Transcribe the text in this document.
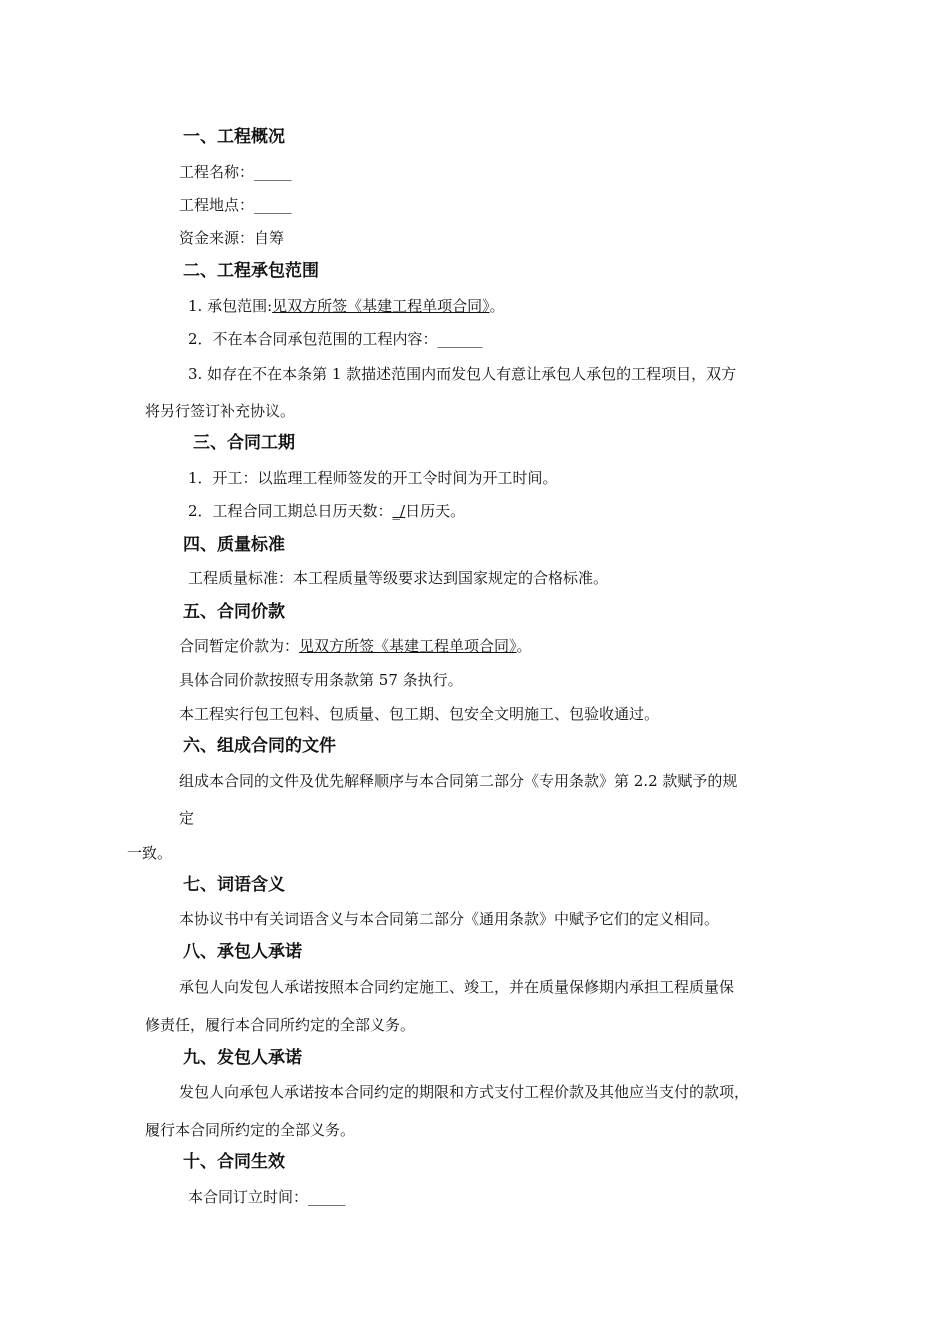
一、工程概况
工程名称：_____
工程地点：_____
资金来源：自筹
二、工程承包范围
1. 承包范围:见双方所签《基建工程单项合同》。
2．不在本合同承包范围的工程内容：______
3. 如存在不在本条第 1 款描述范围内而发包人有意让承包人承包的工程项目，双方
将另行签订补充协议。
三、合同工期
1．开工：以监理工程师签发的开工令时间为开工时间。
2．工程合同工期总日历天数：_/日历天。
四、质量标准
工程质量标准：本工程质量等级要求达到国家规定的合格标准。
五、合同价款
合同暂定价款为：见双方所签《基建工程单项合同》。
具体合同价款按照专用条款第 57 条执行。
本工程实行包工包料、包质量、包工期、包安全文明施工、包验收通过。
六、组成合同的文件
组成本合同的文件及优先解释顺序与本合同第二部分《专用条款》第 2.2 款赋予的规
定
一致。
七、词语含义
本协议书中有关词语含义与本合同第二部分《通用条款》中赋予它们的定义相同。
八、承包人承诺
承包人向发包人承诺按照本合同约定施工、竣工，并在质量保修期内承担工程质量保
修责任，履行本合同所约定的全部义务。
九、发包人承诺
发包人向承包人承诺按本合同约定的期限和方式支付工程价款及其他应当支付的款项，
履行本合同所约定的全部义务。
十、合同生效
本合同订立时间：_____
